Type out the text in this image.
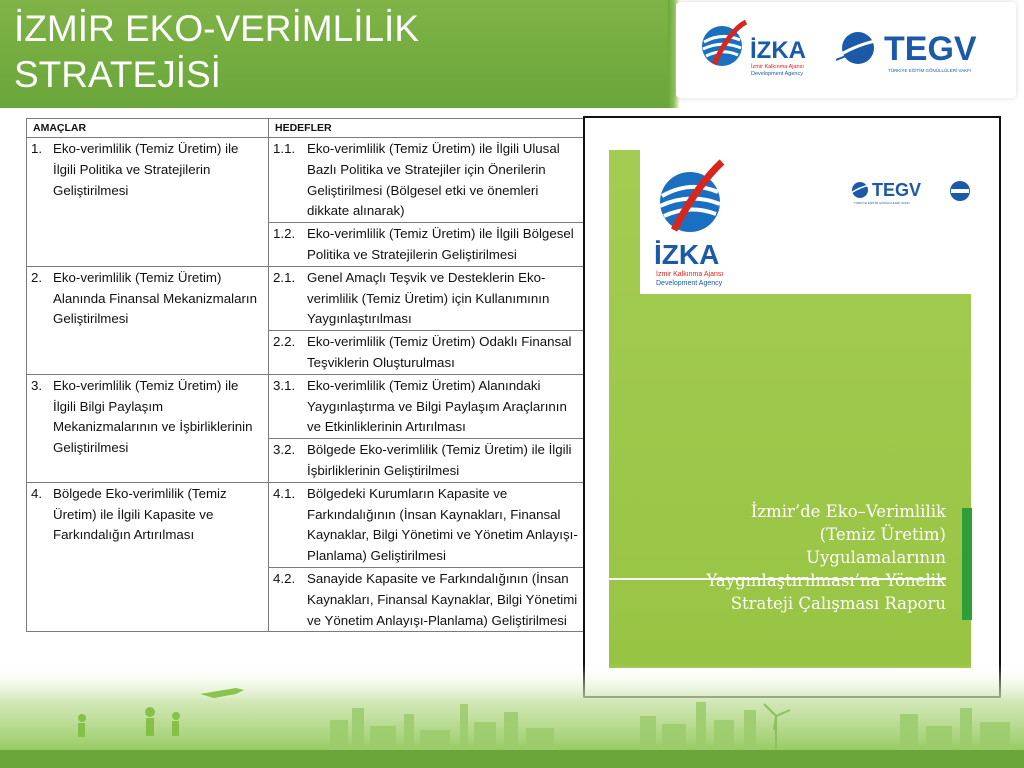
İZMİR EKO-VERİMLİLİK
STRATEJİSİ
İZKA
İzmir Kalkınma Ajansı
Development Agency
TEGV
TÜRKİYE EĞİTİM GÖNÜLLÜLERİ VAKFI
AMAÇLAR	HEDEFLER

1. Eko-verimlilik (Temiz Üretim) ile İlgili Politika ve Stratejilerin Geliştirilmesi	1.1. Eko-verimlilik (Temiz Üretim) ile İlgili Ulusal Bazlı Politika ve Stratejiler için Önerilerin Geliştirilmesi (Bölgesel etki ve önemleri dikkate alınarak)

	1.2. Eko-verimlilik (Temiz Üretim) ile İlgili Bölgesel Politika ve Stratejilerin Geliştirilmesi

2. Eko-verimlilik (Temiz Üretim) Alanında Finansal Mekanizmaların Geliştirilmesi	2.1. Genel Amaçlı Teşvik ve Desteklerin Eko-verimlilik (Temiz Üretim) için Kullanımının Yaygınlaştırılması

	2.2. Eko-verimlilik (Temiz Üretim) Odaklı Finansal Teşviklerin Oluşturulması

3. Eko-verimlilik (Temiz Üretim) ile İlgili Bilgi Paylaşım Mekanizmalarının ve İşbirliklerinin Geliştirilmesi	3.1. Eko-verimlilik (Temiz Üretim) Alanındaki Yaygınlaştırma ve Bilgi Paylaşım Araçlarının ve Etkinliklerinin Artırılması

	3.2. Bölgede Eko-verimlilik (Temiz Üretim) ile İlgili İşbirliklerinin Geliştirilmesi

4. Bölgede Eko-verimlilik (Temiz Üretim) ile İlgili Kapasite ve Farkındalığın Artırılması	4.1. Bölgedeki Kurumların Kapasite ve Farkındalığının (İnsan Kaynakları, Finansal Kaynaklar, Bilgi Yönetimi ve Yönetim Anlayışı-Planlama) Geliştirilmesi

	4.2. Sanayide Kapasite ve Farkındalığının (İnsan Kaynakları, Finansal Kaynaklar, Bilgi Yönetimi ve Yönetim Anlayışı-Planlama) Geliştirilmesi
İZKA
İzmir Kalkınma Ajansı
Development Agency
TEGV
TÜRKİYE EĞİTİM GÖNÜLLÜLERİ VAKFI
İzmir’de Eko–Verimlilik
(Temiz Üretim)
Uygulamalarının
Yaygınlaştırılması’na Yönelik
Strateji Çalışması Raporu
